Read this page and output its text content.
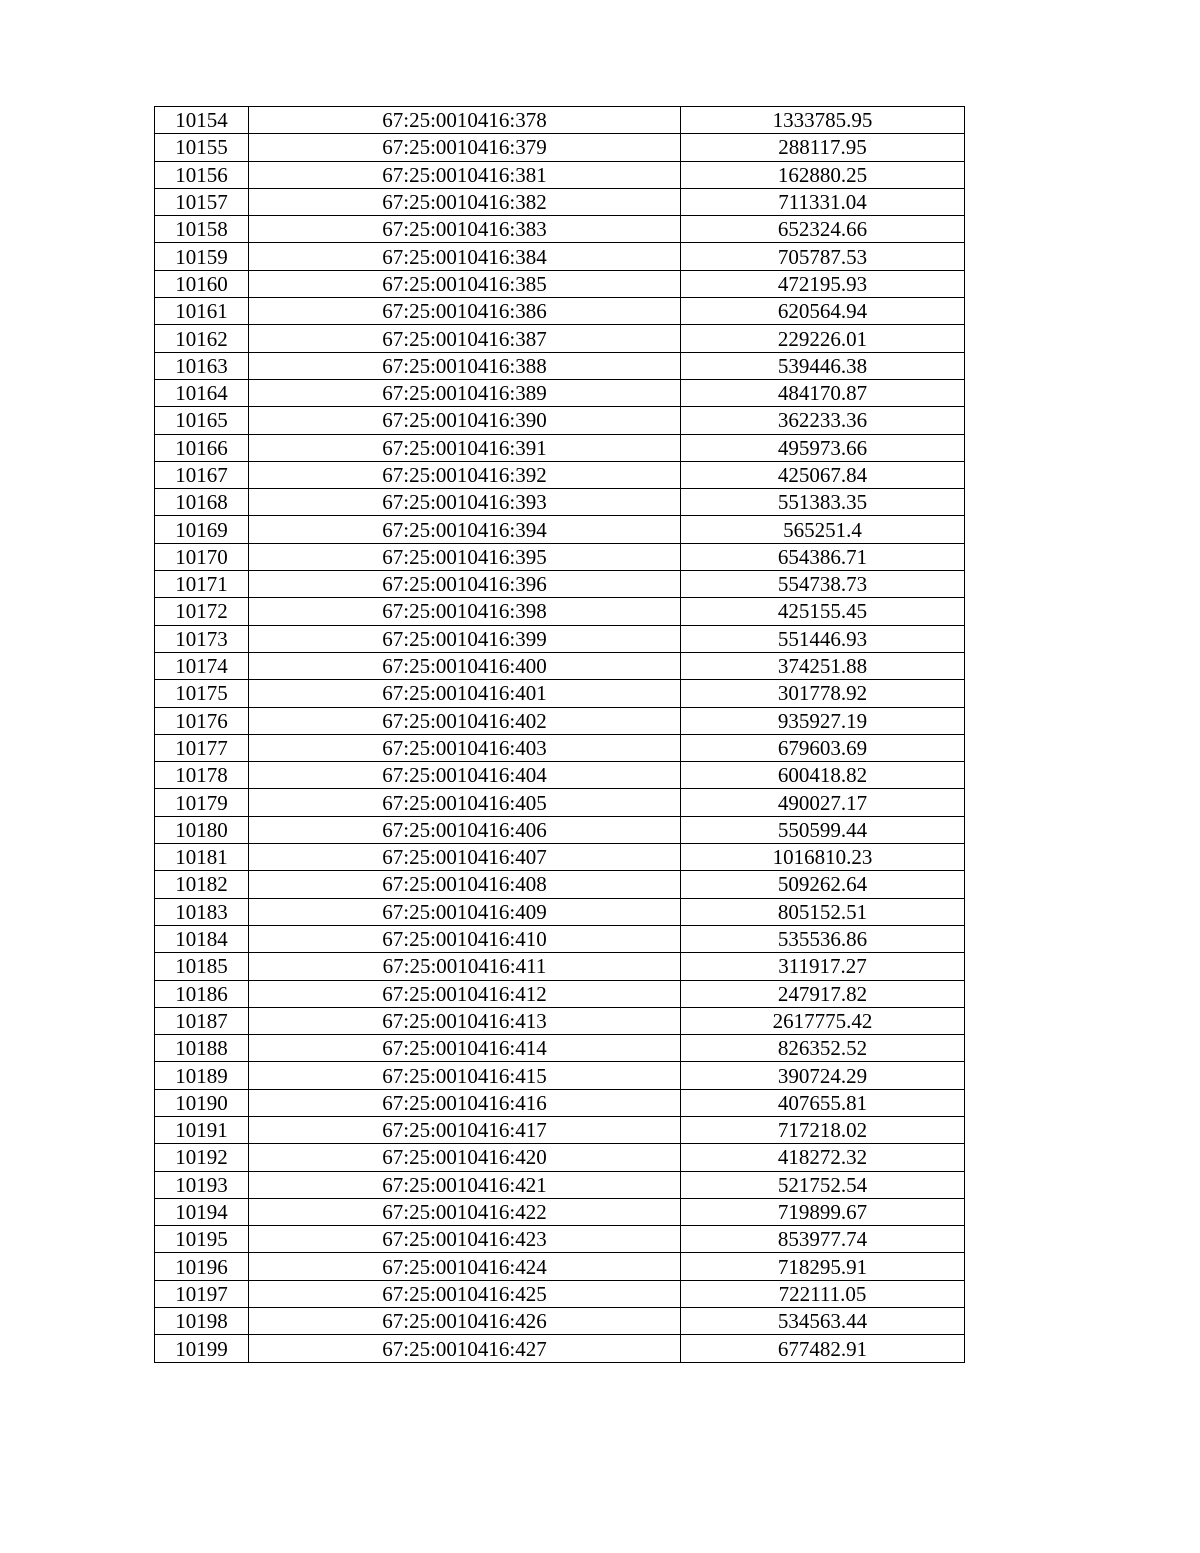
10154	67:25:0010416:378	1333785.95
10155	67:25:0010416:379	288117.95
10156	67:25:0010416:381	162880.25
10157	67:25:0010416:382	711331.04
10158	67:25:0010416:383	652324.66
10159	67:25:0010416:384	705787.53
10160	67:25:0010416:385	472195.93
10161	67:25:0010416:386	620564.94
10162	67:25:0010416:387	229226.01
10163	67:25:0010416:388	539446.38
10164	67:25:0010416:389	484170.87
10165	67:25:0010416:390	362233.36
10166	67:25:0010416:391	495973.66
10167	67:25:0010416:392	425067.84
10168	67:25:0010416:393	551383.35
10169	67:25:0010416:394	565251.4
10170	67:25:0010416:395	654386.71
10171	67:25:0010416:396	554738.73
10172	67:25:0010416:398	425155.45
10173	67:25:0010416:399	551446.93
10174	67:25:0010416:400	374251.88
10175	67:25:0010416:401	301778.92
10176	67:25:0010416:402	935927.19
10177	67:25:0010416:403	679603.69
10178	67:25:0010416:404	600418.82
10179	67:25:0010416:405	490027.17
10180	67:25:0010416:406	550599.44
10181	67:25:0010416:407	1016810.23
10182	67:25:0010416:408	509262.64
10183	67:25:0010416:409	805152.51
10184	67:25:0010416:410	535536.86
10185	67:25:0010416:411	311917.27
10186	67:25:0010416:412	247917.82
10187	67:25:0010416:413	2617775.42
10188	67:25:0010416:414	826352.52
10189	67:25:0010416:415	390724.29
10190	67:25:0010416:416	407655.81
10191	67:25:0010416:417	717218.02
10192	67:25:0010416:420	418272.32
10193	67:25:0010416:421	521752.54
10194	67:25:0010416:422	719899.67
10195	67:25:0010416:423	853977.74
10196	67:25:0010416:424	718295.91
10197	67:25:0010416:425	722111.05
10198	67:25:0010416:426	534563.44
10199	67:25:0010416:427	677482.91
